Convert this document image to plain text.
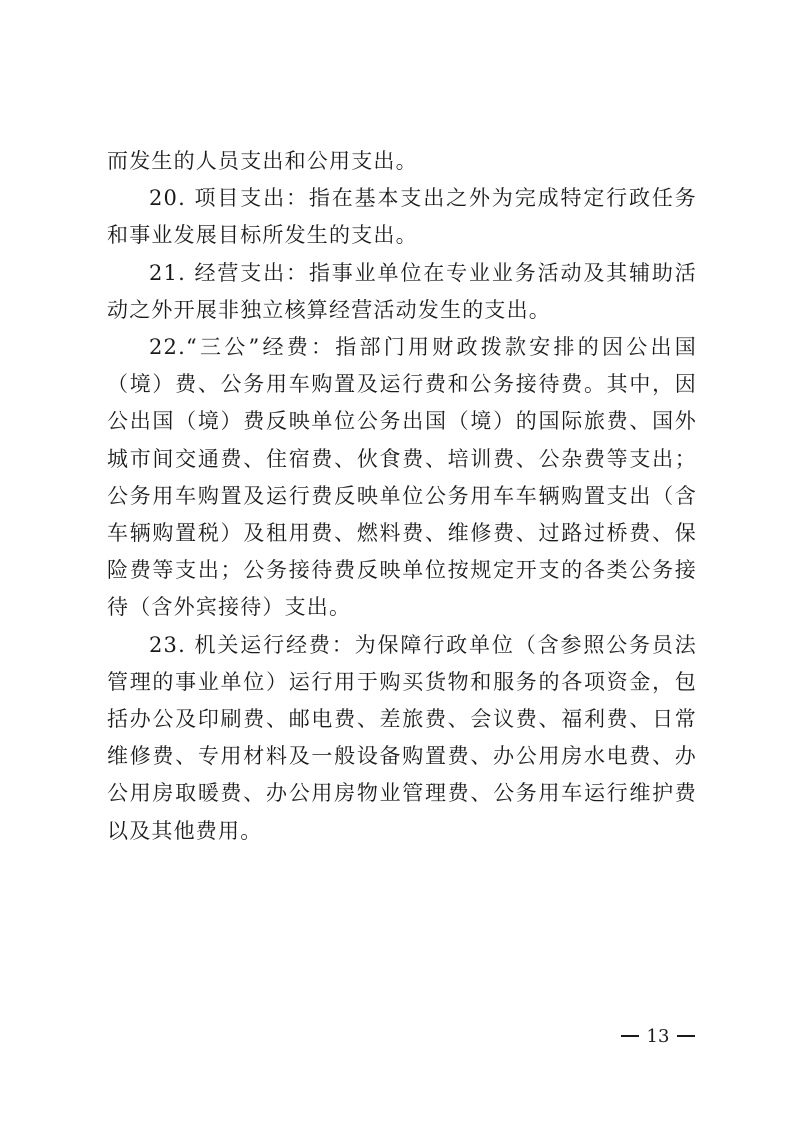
而发生的人员支出和公用支出。

20. 项目支出：指在基本支出之外为完成特定行政任务和事业发展目标所发生的支出。

21. 经营支出：指事业单位在专业业务活动及其辅助活动之外开展非独立核算经营活动发生的支出。

22.“三公”经费：指部门用财政拨款安排的因公出国（境）费、公务用车购置及运行费和公务接待费。其中，因公出国（境）费反映单位公务出国（境）的国际旅费、国外城市间交通费、住宿费、伙食费、培训费、公杂费等支出；公务用车购置及运行费反映单位公务用车车辆购置支出（含车辆购置税）及租用费、燃料费、维修费、过路过桥费、保险费等支出；公务接待费反映单位按规定开支的各类公务接待（含外宾接待）支出。

23. 机关运行经费：为保障行政单位（含参照公务员法管理的事业单位）运行用于购买货物和服务的各项资金，包括办公及印刷费、邮电费、差旅费、会议费、福利费、日常维修费、专用材料及一般设备购置费、办公用房水电费、办公用房取暖费、办公用房物业管理费、公务用车运行维护费以及其他费用。

13
